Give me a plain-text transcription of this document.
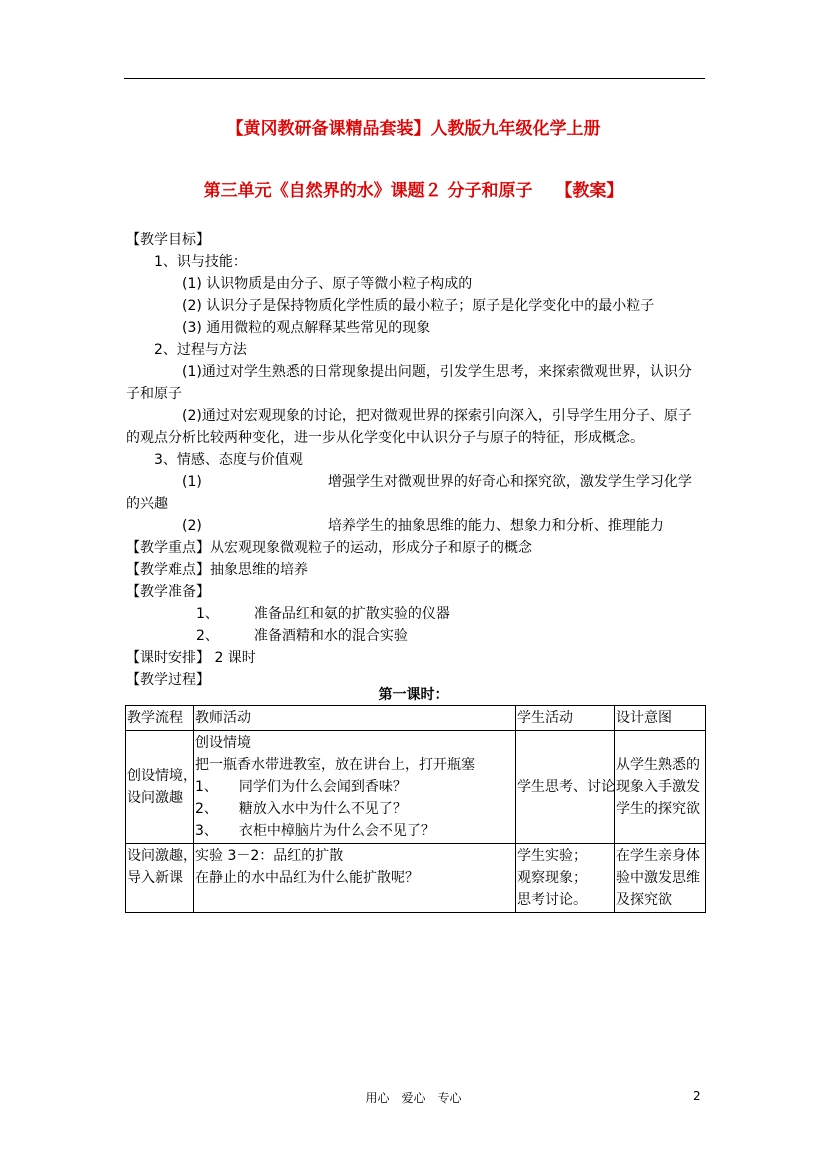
【黄冈教研备课精品套装】人教版九年级化学上册
第三单元《自然界的水》课题２ 分子和原子　 【教案】
【教学目标】
　　1、识与技能：
　　　　(1) 认识物质是由分子、原子等微小粒子构成的
　　　　(2) 认识分子是保持物质化学性质的最小粒子；原子是化学变化中的最小粒子
　　　　(3) 通用微粒的观点解释某些常见的现象
　　2、过程与方法
　　　　(1)通过对学生熟悉的日常现象提出问题，引发学生思考，来探索微观世界，认识分
子和原子
　　　　(2)通过对宏观现象的讨论，把对微观世界的探索引向深入，引导学生用分子、原子
的观点分析比较两种变化，进一步从化学变化中认识分子与原子的特征，形成概念。
　　3、情感、态度与价值观
　　　　(1)　　　　　　　　　增强学生对微观世界的好奇心和探究欲，激发学生学习化学
的兴趣
　　　　(2)　　　　　　　　　培养学生的抽象思维的能力、想象力和分析、推理能力
【教学重点】从宏观现象微观粒子的运动，形成分子和原子的概念
【教学难点】抽象思维的培养
【教学准备】
　　　　　1、　　　准备品红和氨的扩散实验的仪器
　　　　　2、　　　准备酒精和水的混合实验
【课时安排】 2 课时
【教学过程】
第一课时：
教学流程	教师活动	学生活动	设计意图

创设情境，
设问激趣	创设情境
把一瓶香水带进教室，放在讲台上，打开瓶塞
1、　　同学们为什么会闻到香味？
2、　　糖放入水中为什么不见了？
3、　　衣柜中樟脑片为什么会不见了？	学生思考、讨论	从学生熟悉的
现象入手激发
学生的探究欲

设问激趣，
导入新课	实验 3－2：品红的扩散
在静止的水中品红为什么能扩散呢？	学生实验；
观察现象；
思考讨论。	在学生亲身体
验中激发思维
及探究欲
用心　爱心　专心	2
